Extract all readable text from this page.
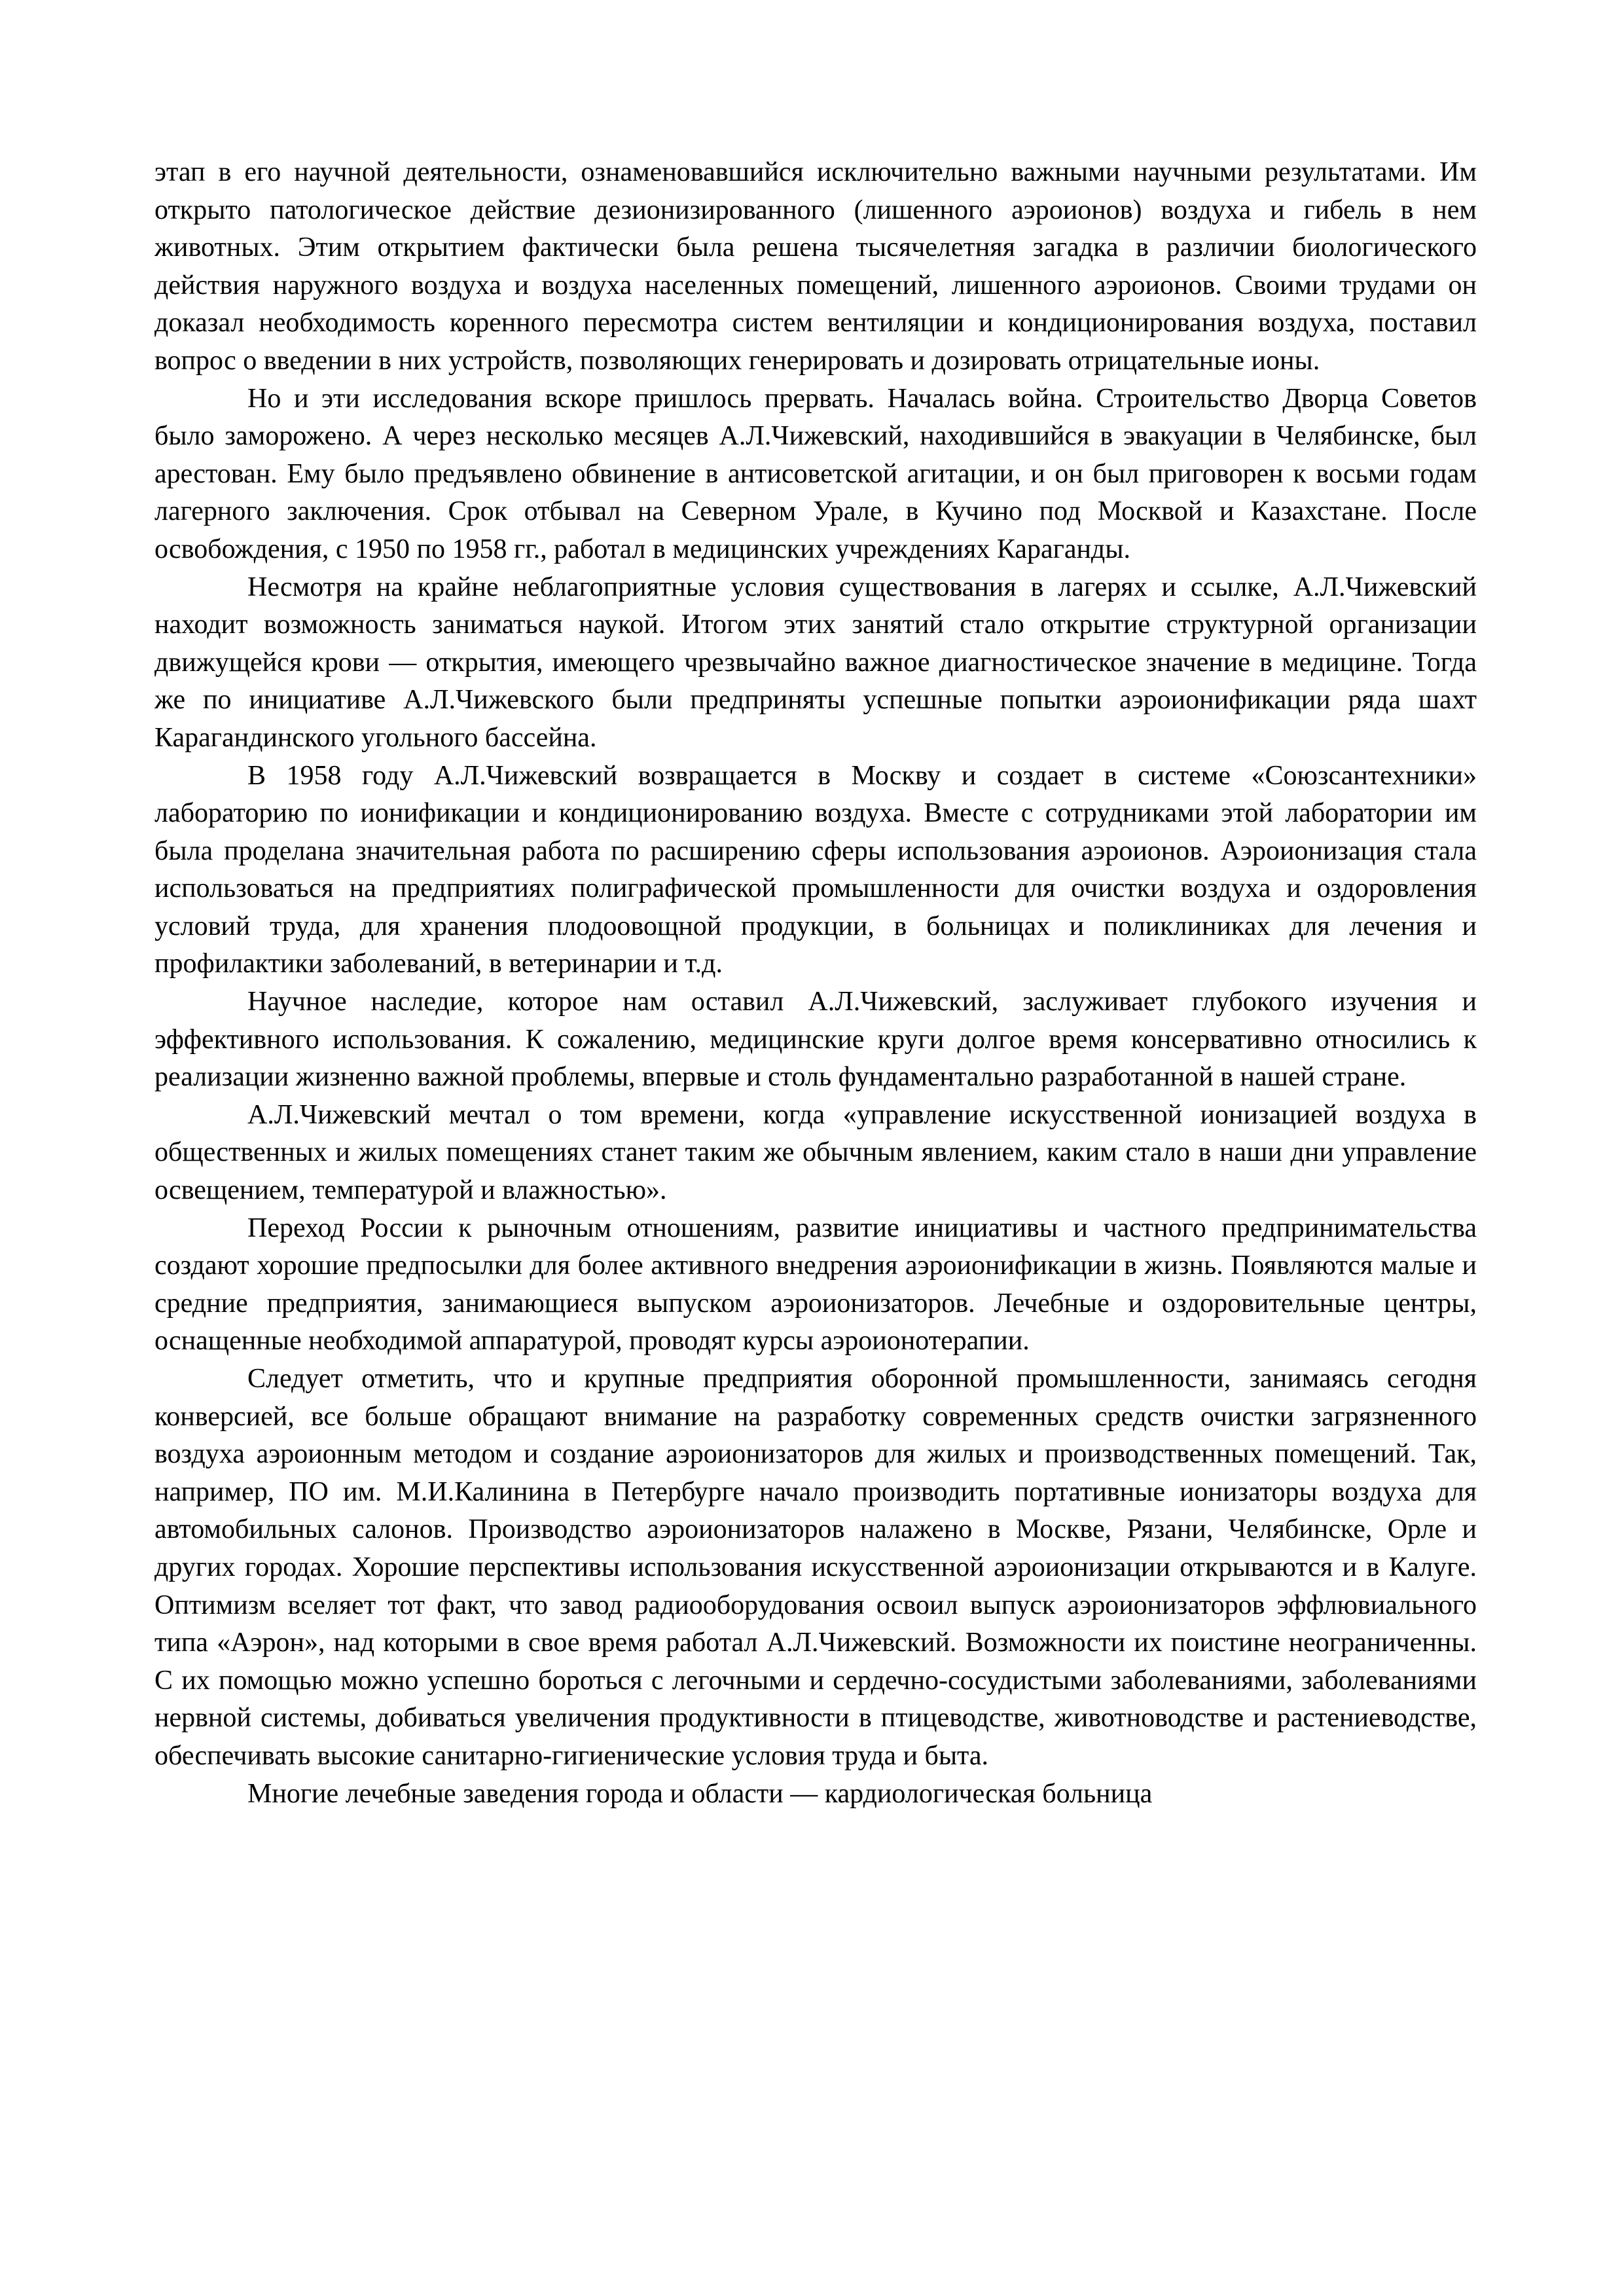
этап в его научной деятельности, ознаменовавшийся исключительно важными научными результатами. Им открыто патологическое действие дезионизированного (лишенного аэроионов) воздуха и гибель в нем животных. Этим открытием фактически была решена тысячелетняя загадка в различии биологического действия наружного воздуха и воздуха населенных помещений, лишенного аэроионов. Своими трудами он доказал необходимость коренного пересмотра систем вентиляции и кондиционирования воздуха, поставил вопрос о введении в них устройств, позволяющих генерировать и дозировать отрицательные ионы.

Но и эти исследования вскоре пришлось прервать. Началась война. Строительство Дворца Советов было заморожено. А через несколько месяцев А.Л.Чижевский, находившийся в эвакуации в Челябинске, был арестован. Ему было предъявлено обвинение в антисоветской агитации, и он был приговорен к восьми годам лагерного заключения. Срок отбывал на Северном Урале, в Кучино под Москвой и Казахстане. После освобождения, с 1950 по 1958 гг., работал в медицинских учреждениях Караганды.

Несмотря на крайне неблагоприятные условия существования в лагерях и ссылке, А.Л.Чижевский находит возможность заниматься наукой. Итогом этих занятий стало открытие структурной организации движущейся крови — открытия, имеющего чрезвычайно важное диагностическое значение в медицине. Тогда же по инициативе А.Л.Чижевского были предприняты успешные попытки аэроионификации ряда шахт Карагандинского угольного бассейна.

В 1958 году А.Л.Чижевский возвращается в Москву и создает в системе «Союзсантехники» лабораторию по ионификации и кондиционированию воздуха. Вместе с сотрудниками этой лаборатории им была проделана значительная работа по расширению сферы использования аэроионов. Аэроионизация стала использоваться на предприятиях полиграфической промышленности для очистки воздуха и оздоровления условий труда, для хранения плодоовощной продукции, в больницах и поликлиниках для лечения и профилактики заболеваний, в ветеринарии и т.д.

Научное наследие, которое нам оставил А.Л.Чижевский, заслуживает глубокого изучения и эффективного использования. К сожалению, медицинские круги долгое время консервативно относились к реализации жизненно важной проблемы, впервые и столь фундаментально разработанной в нашей стране.

А.Л.Чижевский мечтал о том времени, когда «управление искусственной ионизацией воздуха в общественных и жилых помещениях станет таким же обычным явлением, каким стало в наши дни управление освещением, температурой и влажностью».

Переход России к рыночным отношениям, развитие инициативы и частного предпринимательства создают хорошие предпосылки для более активного внедрения аэроионификации в жизнь. Появляются малые и средние предприятия, занимающиеся выпуском аэроионизаторов. Лечебные и оздоровительные центры, оснащенные необходимой аппаратурой, проводят курсы аэроионотерапии.

Следует отметить, что и крупные предприятия оборонной промышленности, занимаясь сегодня конверсией, все больше обращают внимание на разработку современных средств очистки загрязненного воздуха аэроионным методом и создание аэроионизаторов для жилых и производственных помещений. Так, например, ПО им. М.И.Калинина в Петербурге начало производить портативные ионизаторы воздуха для автомобильных салонов. Производство аэроионизаторов налажено в Москве, Рязани, Челябинске, Орле и других городах. Хорошие перспективы использования искусственной аэроионизации открываются и в Калуге. Оптимизм вселяет тот факт, что завод радиооборудования освоил выпуск аэроионизаторов эффлювиального типа «Аэрон», над которыми в свое время работал А.Л.Чижевский. Возможности их поистине неограниченны. С их помощью можно успешно бороться с легочными и сердечно-сосудистыми заболеваниями, заболеваниями нервной системы, добиваться увеличения продуктивности в птицеводстве, животноводстве и растениеводстве, обеспечивать высокие санитарно-гигиенические условия труда и быта.

Многие лечебные заведения города и области — кардиологическая больница
